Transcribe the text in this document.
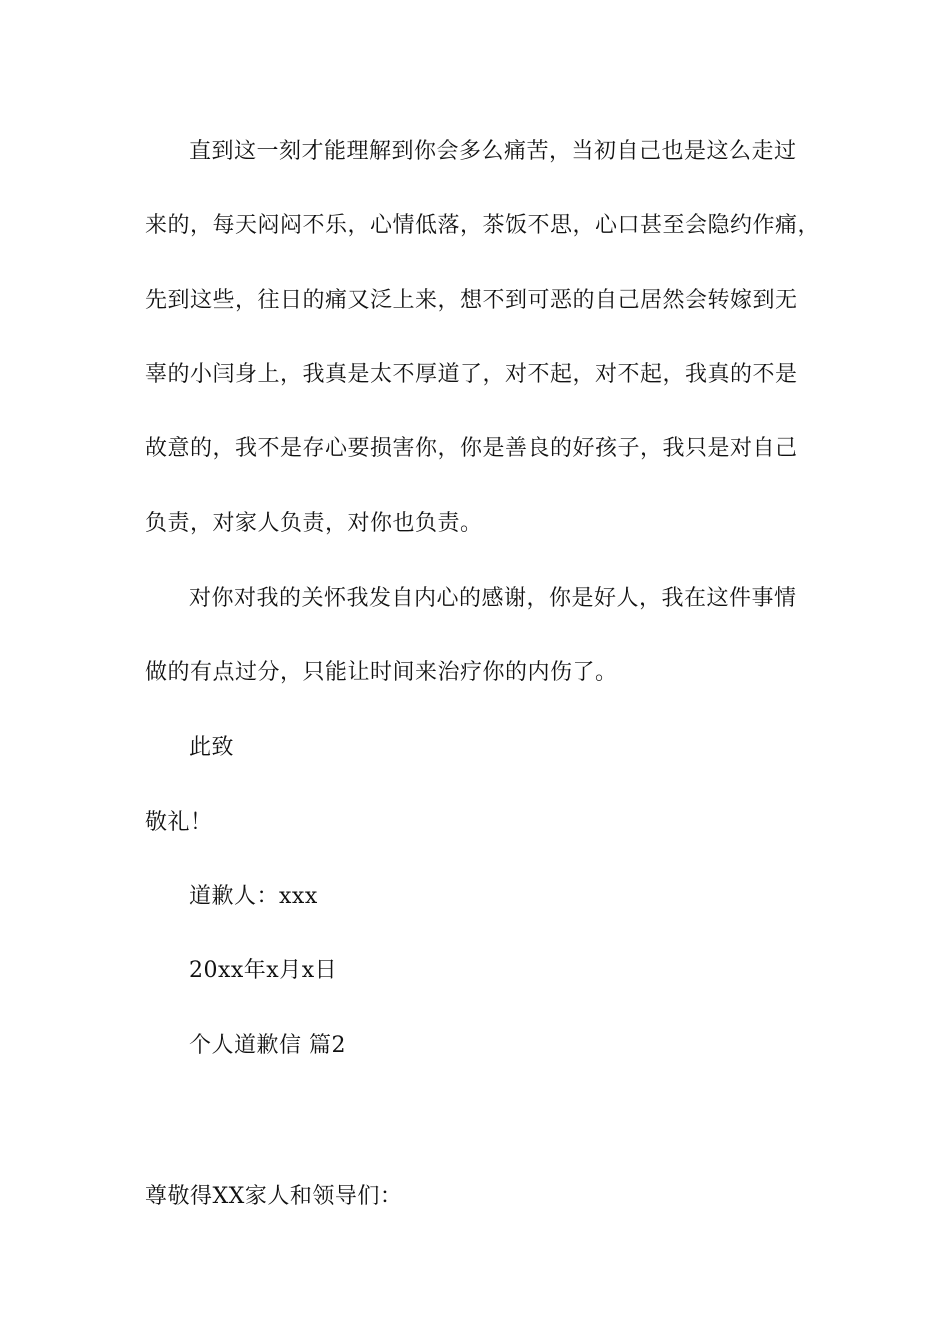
直到这一刻才能理解到你会多么痛苦，当初自己也是这么走过
来的，每天闷闷不乐，心情低落，茶饭不思，心口甚至会隐约作痛，
先到这些，往日的痛又泛上来，想不到可恶的自己居然会转嫁到无
辜的小闫身上，我真是太不厚道了，对不起，对不起，我真的不是
故意的，我不是存心要损害你，你是善良的好孩子，我只是对自己
负责，对家人负责，对你也负责。
对你对我的关怀我发自内心的感谢，你是好人，我在这件事情
做的有点过分，只能让时间来治疗你的内伤了。
此致
敬礼！
道歉人：xxx
20xx年x月x日
个人道歉信 篇2
尊敬得XX家人和领导们：
